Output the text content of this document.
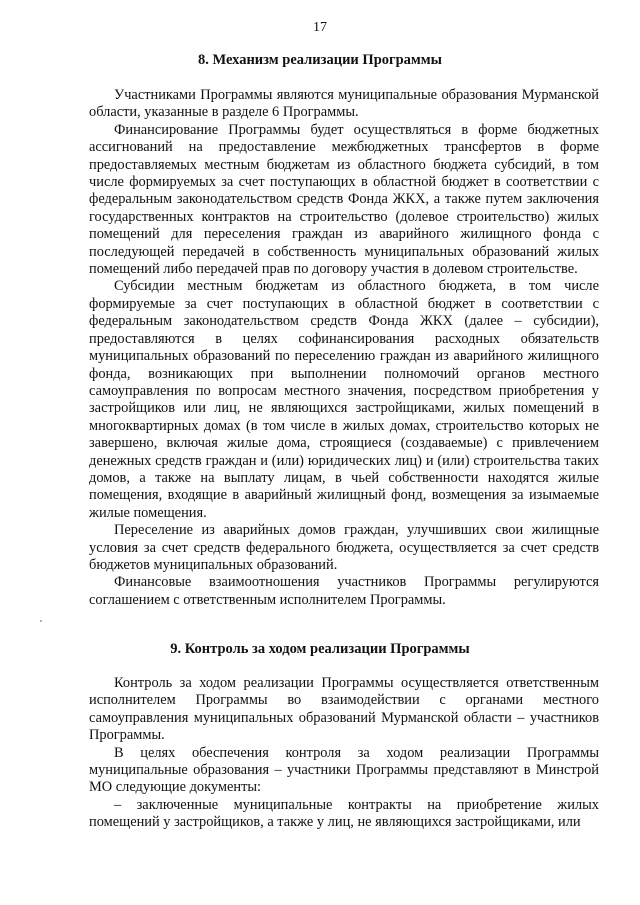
17
8. Механизм реализации Программы

Участниками Программы являются муниципальные образования Мурманской области, указанные в разделе 6 Программы.

Финансирование Программы будет осуществляться в форме бюджетных ассигнований на предоставление межбюджетных трансфертов в форме предоставляемых местным бюджетам из областного бюджета субсидий, в том числе формируемых за счет поступающих в областной бюджет в соответствии с федеральным законодательством средств Фонда ЖКХ, а также путем заключения государственных контрактов на строительство (долевое строительство) жилых помещений для переселения граждан из аварийного жилищного фонда с последующей передачей в собственность муниципальных образований жилых помещений либо передачей прав по договору участия в долевом строительстве.

Субсидии местным бюджетам из областного бюджета, в том числе формируемые за счет поступающих в областной бюджет в соответствии с федеральным законодательством средств Фонда ЖКХ (далее – субсидии), предоставляются в целях софинансирования расходных обязательств муниципальных образований по переселению граждан из аварийного жилищного фонда, возникающих при выполнении полномочий органов местного самоуправления по вопросам местного значения, посредством приобретения у застройщиков или лиц, не являющихся застройщиками, жилых помещений в многоквартирных домах (в том числе в жилых домах, строительство которых не завершено, включая жилые дома, строящиеся (создаваемые) с привлечением денежных средств граждан и (или) юридических лиц) и (или) строительства таких домов, а также на выплату лицам, в чьей собственности находятся жилые помещения, входящие в аварийный жилищный фонд, возмещения за изымаемые жилые помещения.

Переселение из аварийных домов граждан, улучшивших свои жилищные условия за счет средств федерального бюджета, осуществляется за счет средств бюджетов муниципальных образований.

Финансовые взаимоотношения участников Программы регулируются соглашением с ответственным исполнителем Программы.

9. Контроль за ходом реализации Программы

Контроль за ходом реализации Программы осуществляется ответственным исполнителем Программы во взаимодействии с органами местного самоуправления муниципальных образований Мурманской области – участников Программы.

В целях обеспечения контроля за ходом реализации Программы муниципальные образования – участники Программы представляют в Минстрой МО следующие документы:

– заключенные муниципальные контракты на приобретение жилых помещений у застройщиков, а также у лиц, не являющихся застройщиками, или
